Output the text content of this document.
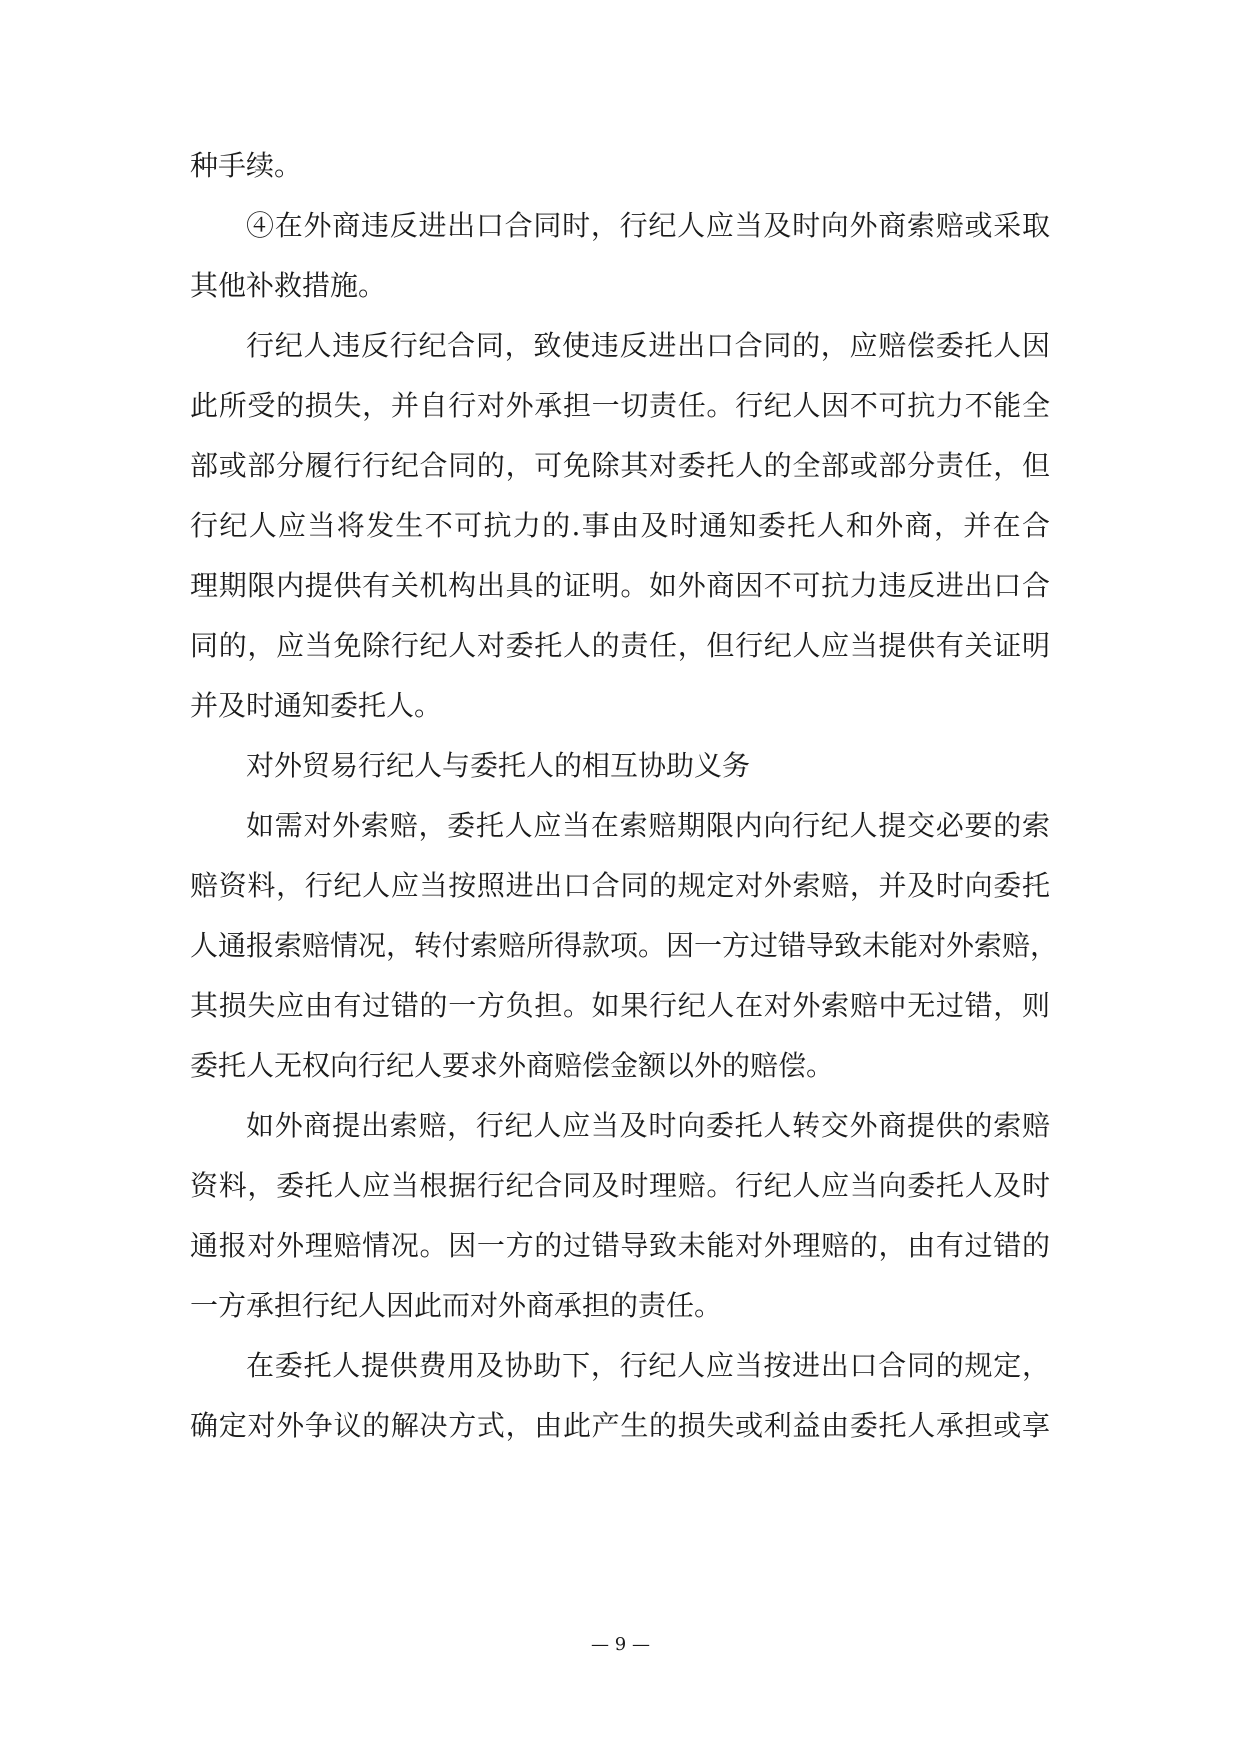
种手续。
④在外商违反进出口合同时，行纪人应当及时向外商索赔或采取
其他补救措施。
行纪人违反行纪合同，致使违反进出口合同的，应赔偿委托人因
此所受的损失，并自行对外承担一切责任。行纪人因不可抗力不能全
部或部分履行行纪合同的，可免除其对委托人的全部或部分责任，但
行纪人应当将发生不可抗力的.事由及时通知委托人和外商，并在合
理期限内提供有关机构出具的证明。如外商因不可抗力违反进出口合
同的，应当免除行纪人对委托人的责任，但行纪人应当提供有关证明
并及时通知委托人。
对外贸易行纪人与委托人的相互协助义务
如需对外索赔，委托人应当在索赔期限内向行纪人提交必要的索
赔资料，行纪人应当按照进出口合同的规定对外索赔，并及时向委托
人通报索赔情况，转付索赔所得款项。因一方过错导致未能对外索赔，
其损失应由有过错的一方负担。如果行纪人在对外索赔中无过错，则
委托人无权向行纪人要求外商赔偿金额以外的赔偿。
如外商提出索赔，行纪人应当及时向委托人转交外商提供的索赔
资料，委托人应当根据行纪合同及时理赔。行纪人应当向委托人及时
通报对外理赔情况。因一方的过错导致未能对外理赔的，由有过错的
一方承担行纪人因此而对外商承担的责任。
在委托人提供费用及协助下，行纪人应当按进出口合同的规定，
确定对外争议的解决方式，由此产生的损失或利益由委托人承担或享
— 9 —
